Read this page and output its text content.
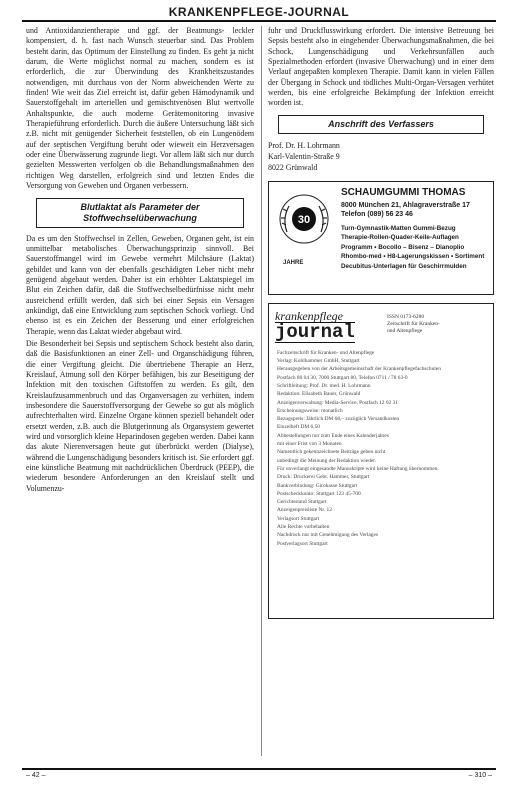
KRANKENPFLEGE-JOURNAL

und Antioxidanzientherapie und ggf. der Beatmungs- leckler kompensiert, d. h. fast nach Wunsch steuerbar sind. Das Problem besteht darin, das Optimum der Einstellung zu finden. Es geht ja nicht darum, die Werte möglichst normal zu machen, sondern es ist erforderlich, die zur Überwindung des Krankheitszustandes notwendigen, mit durchaus von der Norm abweichenden Werte zu finden! Wie weit das Ziel erreicht ist, dafür geben Hämodynamik und Sauerstoffgehalt im arteriellen und gemischtvenösen Blut wertvolle Anhaltspunkte, die auch moderne Gerätemonitoring invasive Therapieführung erforderlich. Durch die äußere Untersuchung läßt sich z.B. nicht mit genügender Sicherheit feststellen, ob ein Lungenödem auf der septischen Vergiftung beruht oder wieweit ein Herzversagen oder eine Überwässerung zugrunde liegt. Vor allem läßt sich nur durch gezielten Messwerten verfolgen ob die Behandlungsmaßnahmen den richtigen Weg darstellen, erfolgreich sind und letzten Endes die Versorgung von Geweben und Organen verbessern.

Blutlaktat als Parameter der Stoffwechselüberwachung

Da es um den Stoffwechsel in Zellen, Geweben, Organen geht, ist ein unmittelbar metabolisches Überwachungsprinzip sinnvoll. Bei Sauerstoffmangel wird im Gewebe vermehrt Milchsäure (Laktat) gebildet und kann von der ebenfalls geschädigten Leber nicht mehr genügend abgebaut werden. Daher ist ein erhöhter Laktatspiegel im Blut ein Zeichen dafür, daß die Stoffwechselbedürfnisse nicht mehr ausreichend erfüllt werden, daß sich bei einer Sepsis ein Versagen ankündigt, daß eine Entwicklung zum septischen Schock vorliegt. Und ebenso ist es ein Zeichen der Besserung und einer erfolgreichen Therapie, wenn das Laktat wieder abgebaut wird.

Die Besonderheit bei Sepsis und septischem Schock besteht also darin, daß die Basisfunktionen an einer Zell- und Organschädigung führen, die einer Vergiftung gleicht. Die übertriebene Therapie an Herz, Kreislauf, Atmung soll den Körper befähigen, bis zur Beseitigung der Infektion mit den toxischen Giftstoffen zu werden. Es gilt, den Kreislaufzusammenbruch und das Organversagen zu verhüten, indem insbesondere die Sauerstoffversorgung der Gewebe so gut als möglich aufrechterhalten wird. Einzelne Organe können speziell behandelt oder ersetzt werden, z.B. auch die Blutgerinnung als Organsystem gewertet wird und vorsorglich kleine Heparindosen gegeben werden. Dabei kann das akute Nierenversagen heute gut überbrückt werden (Dialyse), während die Lungenschädigung besonders kritisch ist. Sie erfordert ggf. eine künstliche Beatmung mit nachdrücklichen Überdruck (PEEP), die wiederum besondere Anforderungen an den Kreislauf stellt und Volumenzu-

fuhr und Druckflusswirkung erfordert. Die intensive Betreuung bei Sepsis besteht also in eingehender Überwachungsmaßnahmen, die bei Schock, Lungenschädigung und Verkehrsunfällen auch Spezialmethoden erfordert (invasive Überwachung) und in einer dem Verlauf angepaßten komplexen Therapie. Damit kann in vielen Fällen der Übergang in Schock und tödliches Multi-Organ-Versagen verhütet werden, bis eine erfolgreiche Bekämpfung der Infektion erreicht worden ist.

Anschrift des Verfassers
Prof. Dr. H. Lohrmann
Karl-Valentin-Straße 9
8022 Grünwald
30
JAHRE
SCHAUMGUMMI THOMAS
8000 München 21, Ahlagraverstraße 17
Telefon (089) 56 23 46
Turn-Gymnastik-Matten Gummi-Bezug
Therapie-Rollen-Quader-Keile-Auflagen
Programm • Bocollo – Bisenz – Dianoplio
Rhombo-med • H8-Lagerungskissen • Sortiment
Decubitus-Unterlagen für Geschirrmulden
krankenpflege
journal
ISSN 0173-6280
Zeitschrift für Kranken-
und Altenpflege
Fachzeitschrift für Kranken- und Altenpflege
Verlag: Kohlhammer GmbH, Stuttgart
Herausgegeben von der Arbeitsgemeinschaft der Krankenpflegefachschulen
Postfach 80 04 30, 7000 Stuttgart 80, Telefon 0711 / 78 63-0
Schriftleitung: Prof. Dr. med. H. Lohrmann
Redaktion: Elisabeth Bauer, Grünwald
Anzeigenverwaltung: Media-Service, Postfach 12 02 31
Erscheinungsweise: monatlich
Bezugspreis: Jährlich DM 68,– zuzüglich Versandkosten
Einzelheft DM 6,50
Abbestellungen nur zum Ende eines Kalenderjahres
mit einer Frist von 3 Monaten
Namentlich gekennzeichnete Beiträge geben nicht
unbedingt die Meinung der Redaktion wieder.
Für unverlangt eingesandte Manuskripte wird keine Haftung übernommen.
Druck: Druckerei Gebr. Hammer, Stuttgart
Bankverbindung: Girokasse Stuttgart
Postscheckkonto: Stuttgart 123 45-700
Gerichtsstand Stuttgart
Anzeigenpreisliste Nr. 12
Verlagsort Stuttgart
Alle Rechte vorbehalten
Nachdruck nur mit Genehmigung des Verlages
Postverlagsort Stuttgart
– 42 –	– 310 –
